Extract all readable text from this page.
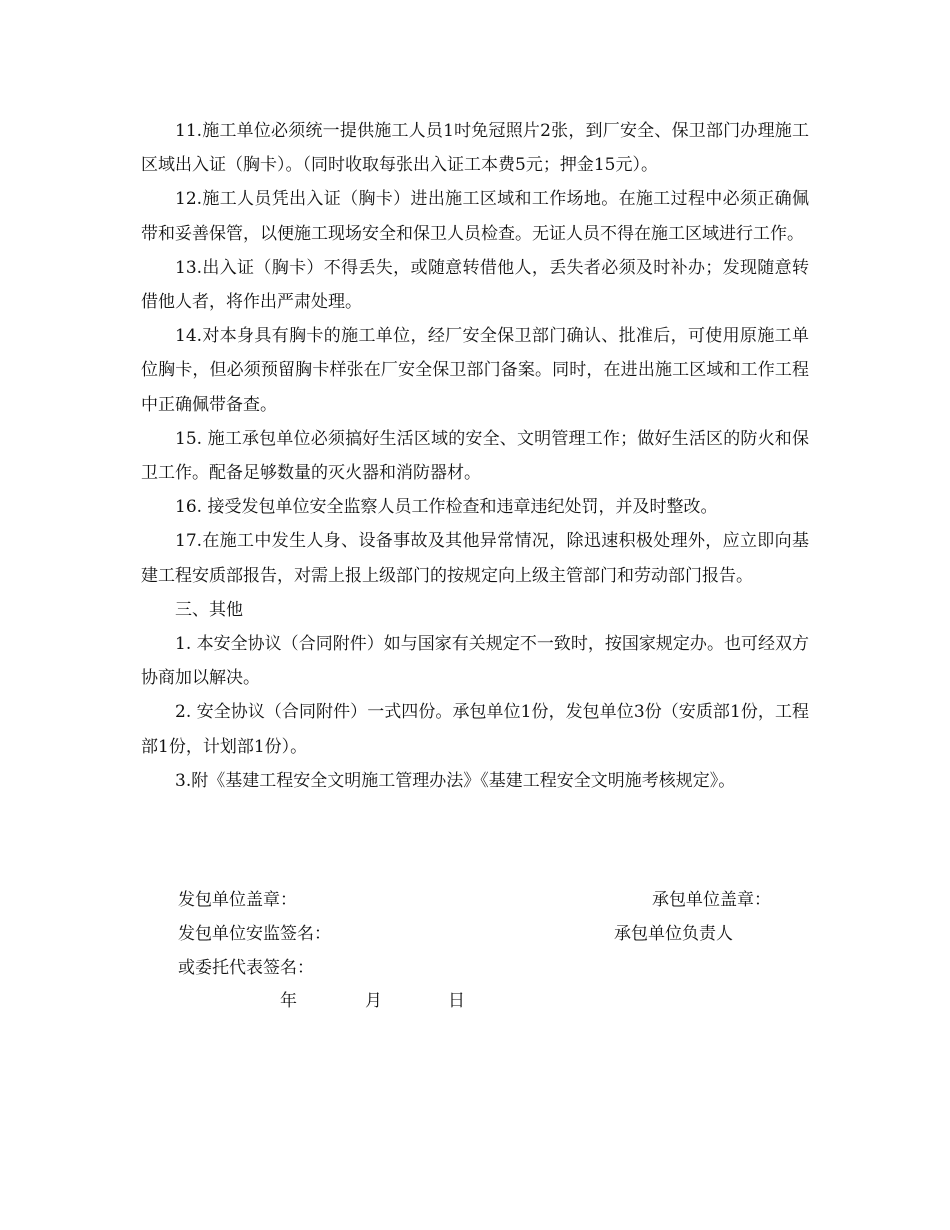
11.施工单位必须统一提供施工人员1吋免冠照片2张，到厂安全、保卫部门办理施工区域出入证（胸卡）。（同时收取每张出入证工本费5元；押金15元）。

12.施工人员凭出入证（胸卡）进出施工区域和工作场地。在施工过程中必须正确佩带和妥善保管，以便施工现场安全和保卫人员检查。无证人员不得在施工区域进行工作。

13.出入证（胸卡）不得丢失，或随意转借他人，丢失者必须及时补办；发现随意转借他人者，将作出严肃处理。

14.对本身具有胸卡的施工单位，经厂安全保卫部门确认、批准后，可使用原施工单位胸卡，但必须预留胸卡样张在厂安全保卫部门备案。同时，在进出施工区域和工作工程中正确佩带备查。

15. 施工承包单位必须搞好生活区域的安全、文明管理工作；做好生活区的防火和保卫工作。配备足够数量的灭火器和消防器材。

16. 接受发包单位安全监察人员工作检查和违章违纪处罚，并及时整改。

17.在施工中发生人身、设备事故及其他异常情况，除迅速积极处理外，应立即向基建工程安质部报告，对需上报上级部门的按规定向上级主管部门和劳动部门报告。

三、其他

1. 本安全协议（合同附件）如与国家有关规定不一致时，按国家规定办。也可经双方协商加以解决。

2. 安全协议（合同附件）一式四份。承包单位1份，发包单位3份（安质部1份，工程部1份，计划部1份）。

3.附《基建工程安全文明施工管理办法》《基建工程安全文明施考核规定》。

发包单位盖章：	承包单位盖章：
发包单位安监签名：	承包单位负责人
或委托代表签名：
年	月	日
